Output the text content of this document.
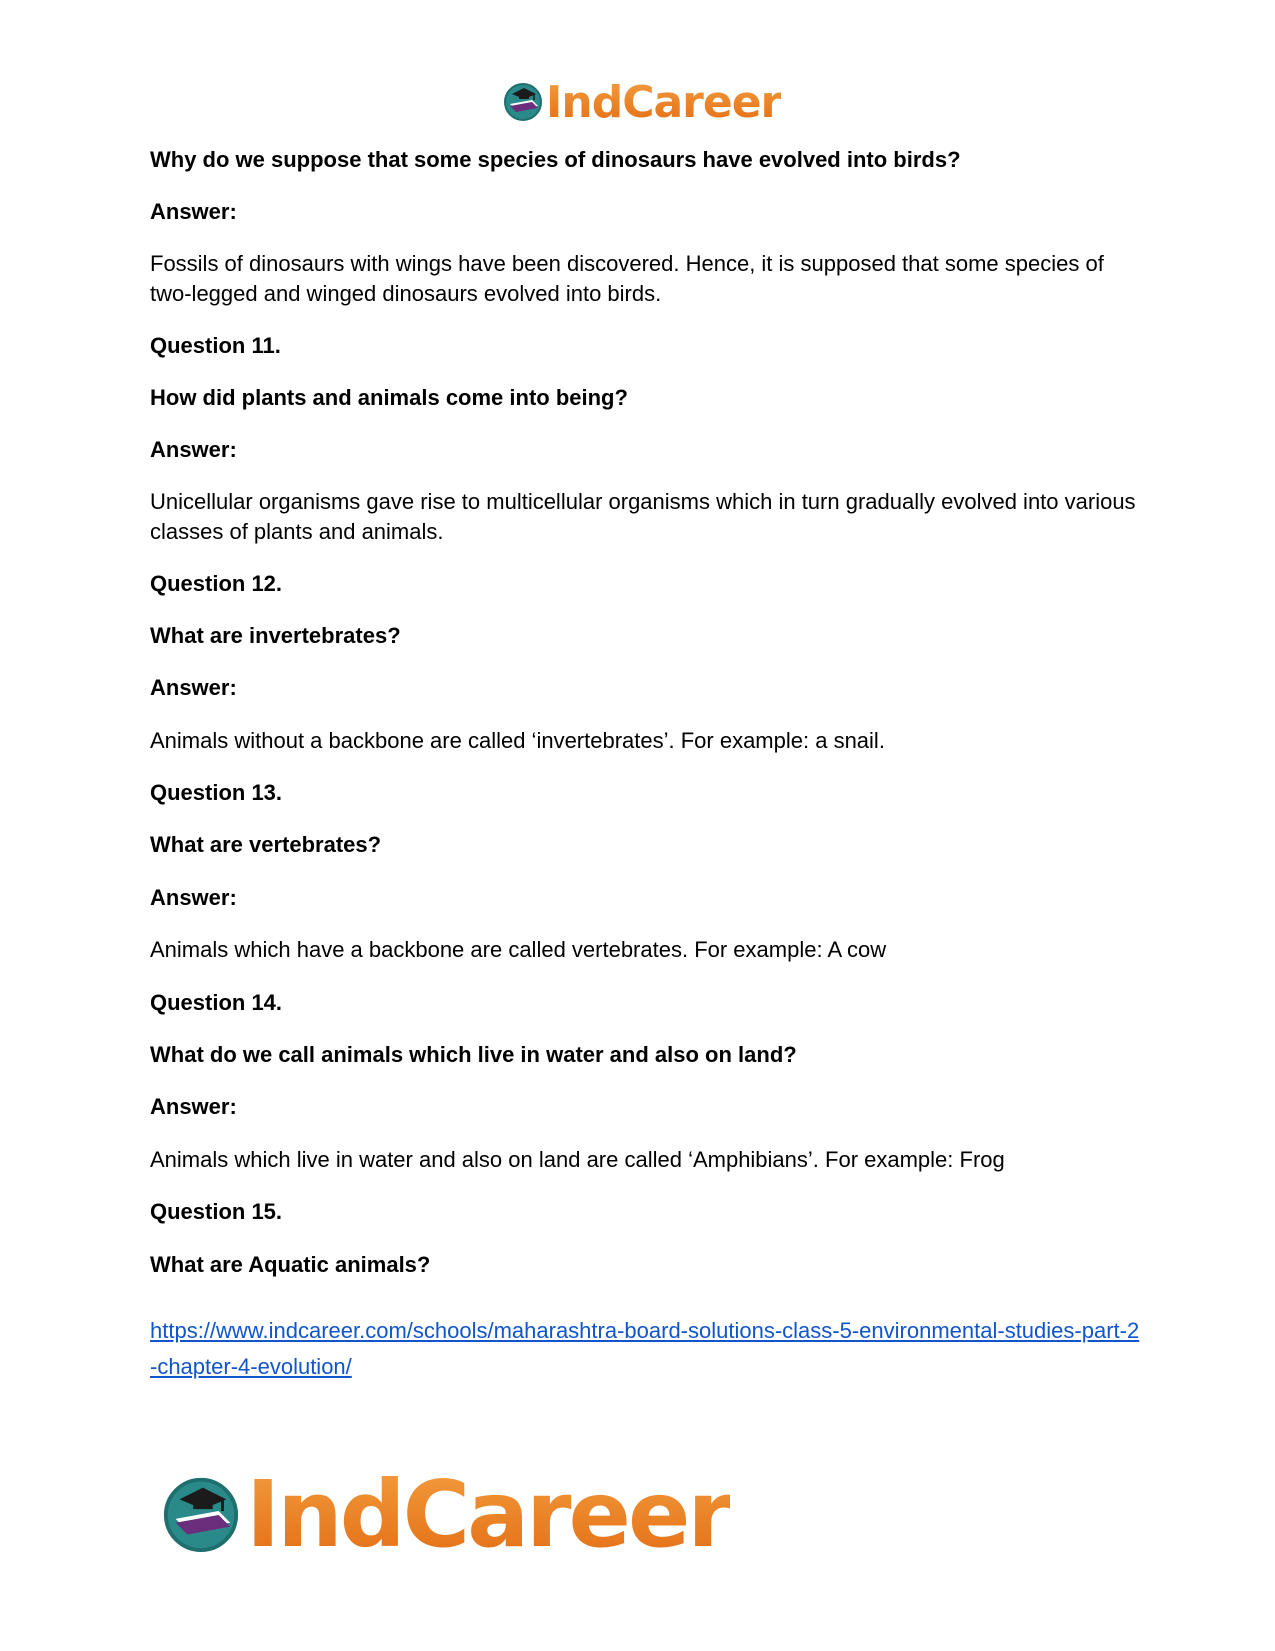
IndCareer
Why do we suppose that some species of dinosaurs have evolved into birds?
Answer:
Fossils of dinosaurs with wings have been discovered. Hence, it is supposed that some species of two-legged and winged dinosaurs evolved into birds.
Question 11.
How did plants and animals come into being?
Answer:
Unicellular organisms gave rise to multicellular organisms which in turn gradually evolved into various classes of plants and animals.
Question 12.
What are invertebrates?
Answer:
Animals without a backbone are called ‘invertebrates’. For example: a snail.
Question 13.
What are vertebrates?
Answer:
Animals which have a backbone are called vertebrates. For example: A cow
Question 14.
What do we call animals which live in water and also on land?
Answer:
Animals which live in water and also on land are called ‘Amphibians’. For example: Frog
Question 15.
What are Aquatic animals?
https://www.indcareer.com/schools/maharashtra-board-solutions-class-5-environmental-studies-part-2-chapter-4-evolution/
IndCareer
